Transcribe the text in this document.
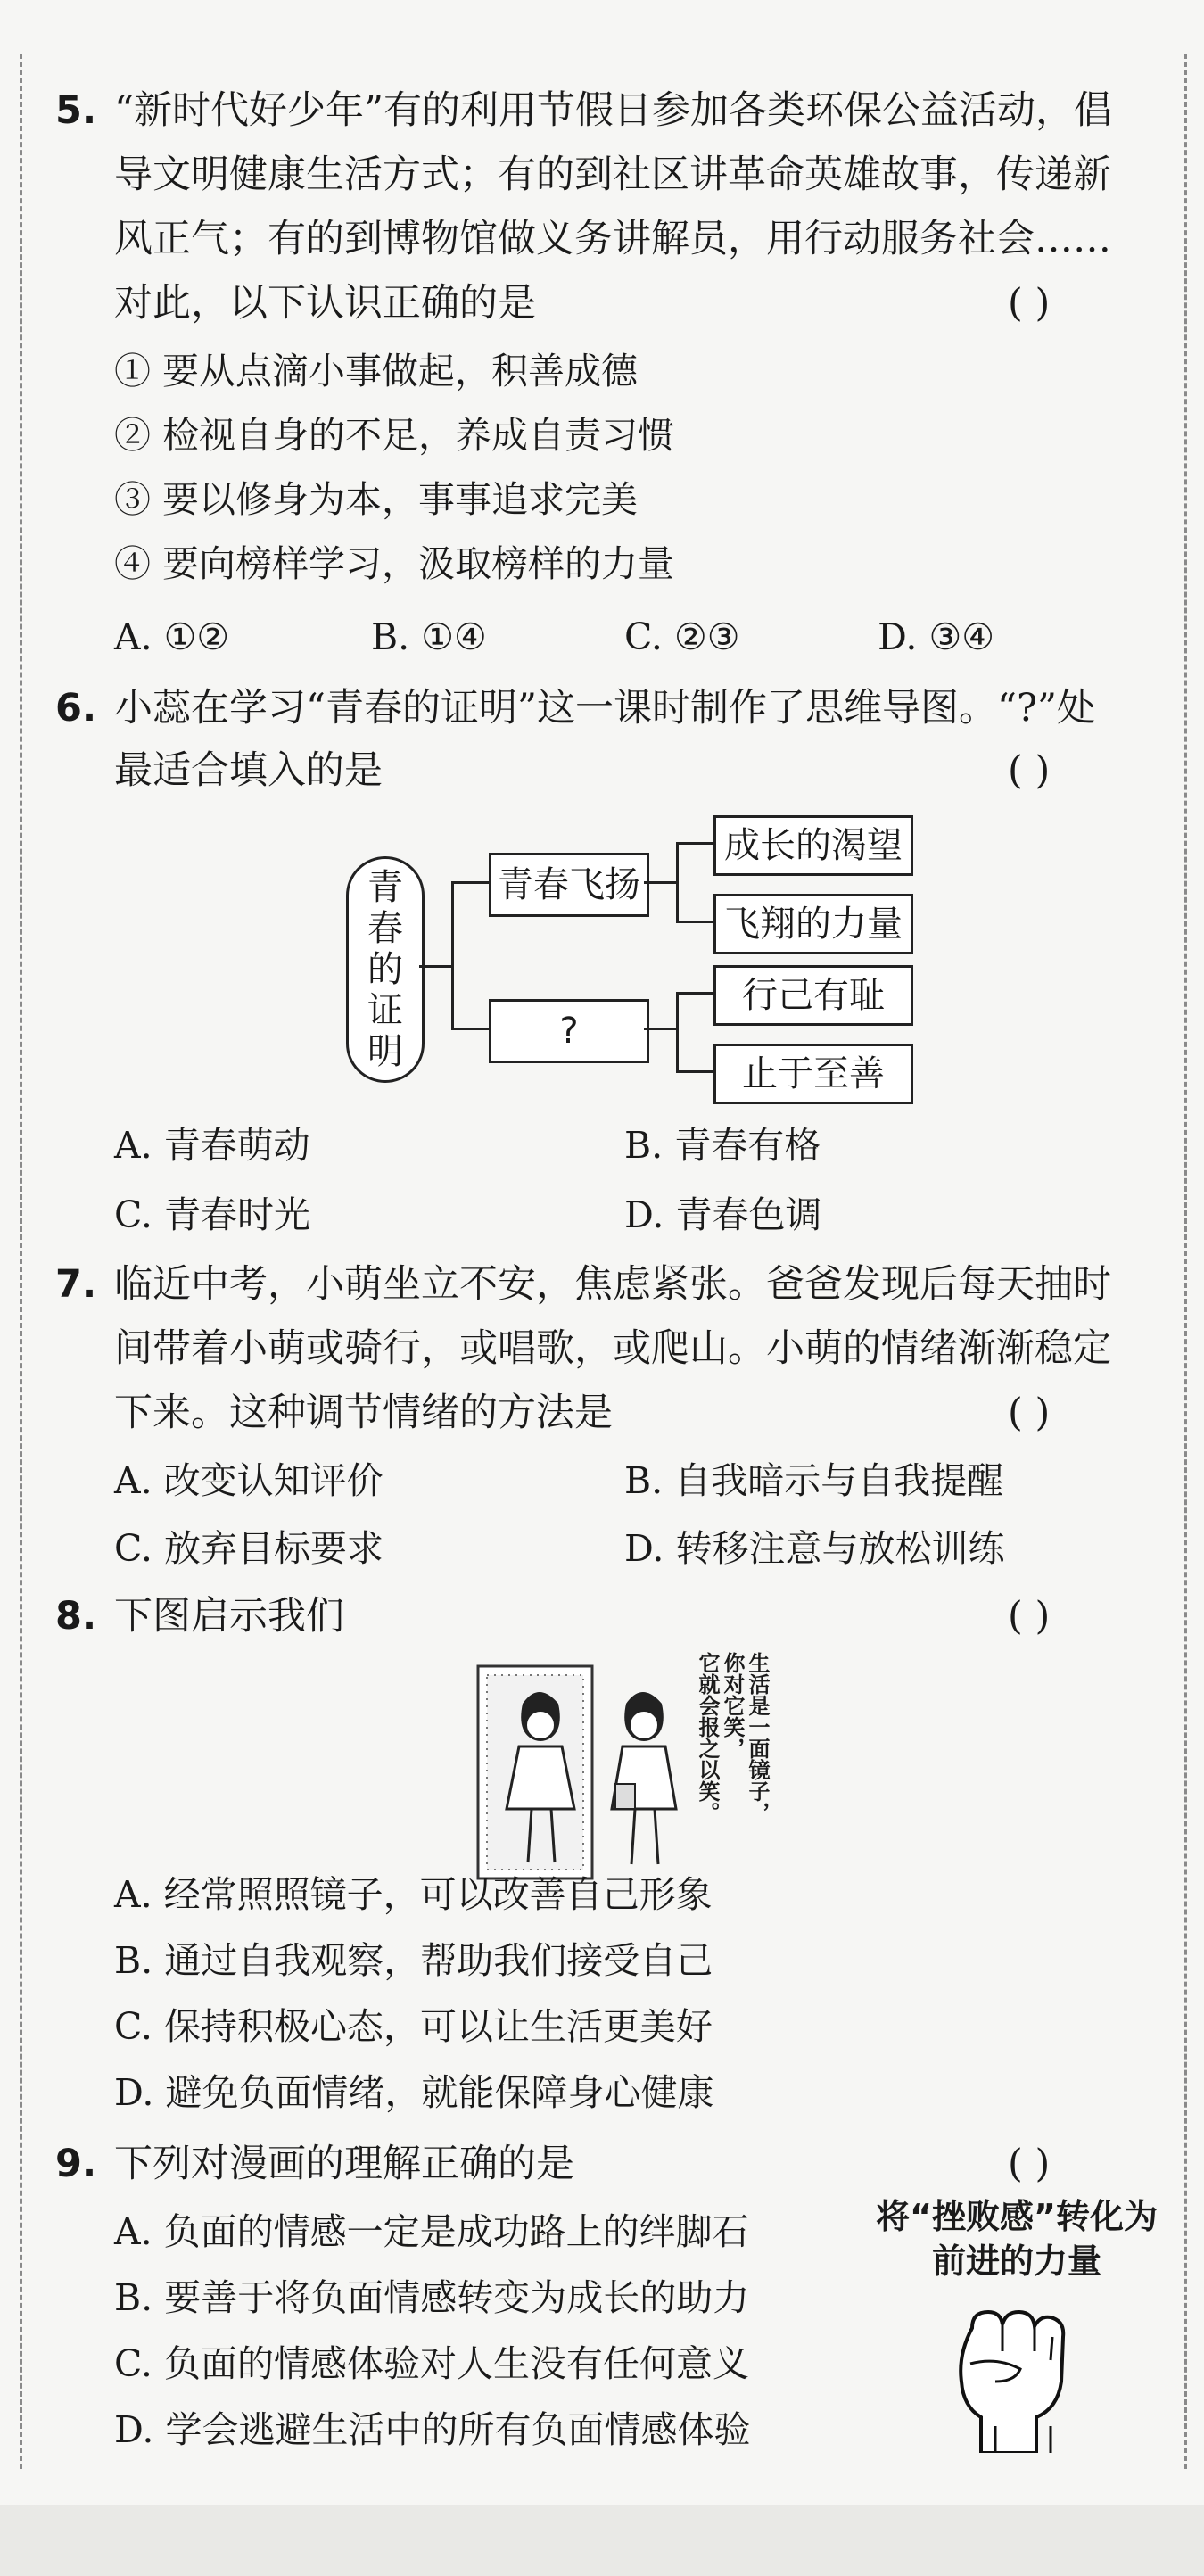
5. “新时代好少年”有的利用节假日参加各类环保公益活动，倡
导文明健康生活方式；有的到社区讲革命英雄故事，传递新
风正气；有的到博物馆做义务讲解员，用行动服务社会……
对此，以下认识正确的是	( )
① 要从点滴小事做起，积善成德
② 检视自身的不足，养成自责习惯
③ 要以修身为本，事事追求完美
④ 要向榜样学习，汲取榜样的力量
A. ①②	B. ①④	C. ②③	D. ③④
6. 小蕊在学习“青春的证明”这一课时制作了思维导图。“?”处
最适合填入的是	( )
青
春
的
证
明
青春飞扬
?
成长的渴望
飞翔的力量
行己有耻
止于至善
A. 青春萌动	B. 青春有格
C. 青春时光	D. 青春色调
7. 临近中考，小萌坐立不安，焦虑紧张。爸爸发现后每天抽时
间带着小萌或骑行，或唱歌，或爬山。小萌的情绪渐渐稳定
下来。这种调节情绪的方法是	( )
A. 改变认知评价	B. 自我暗示与自我提醒
C. 放弃目标要求	D. 转移注意与放松训练
8. 下图启示我们	( )
生活是一面镜子，
你对它笑，
它就会报之以笑。
A. 经常照照镜子，可以改善自己形象
B. 通过自我观察，帮助我们接受自己
C. 保持积极心态，可以让生活更美好
D. 避免负面情绪，就能保障身心健康
9. 下列对漫画的理解正确的是	( )
将“挫败感”转化为
前进的力量
A. 负面的情感一定是成功路上的绊脚石
B. 要善于将负面情感转变为成长的助力
C. 负面的情感体验对人生没有任何意义
D. 学会逃避生活中的所有负面情感体验
